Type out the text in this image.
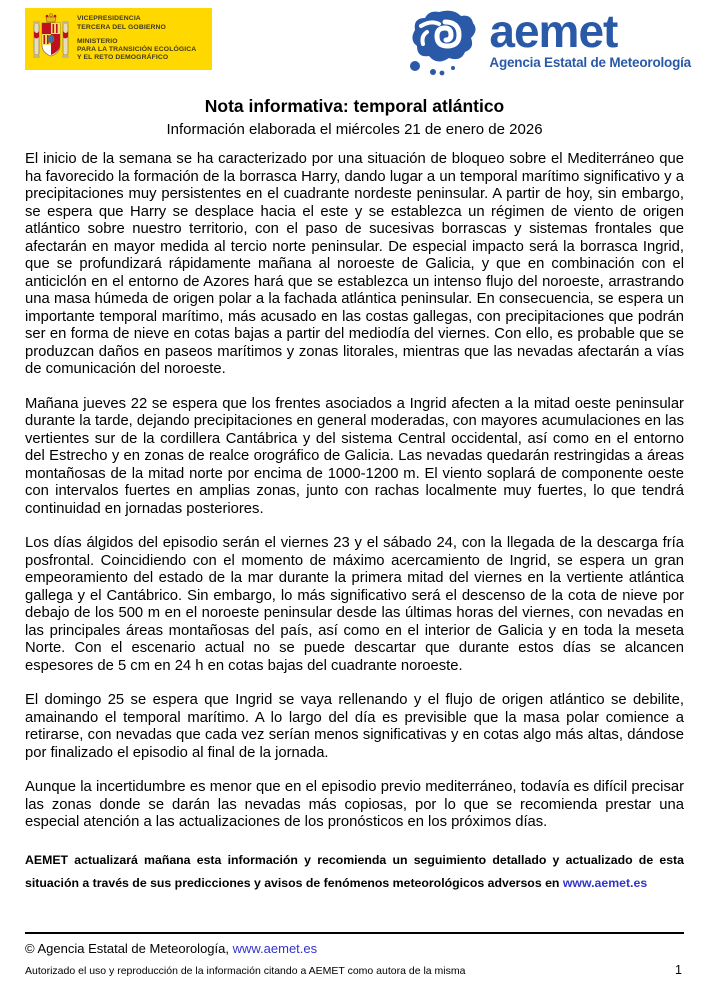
VICEPRESIDENCIA
TERCERA DEL GOBIERNO
MINISTERIO
PARA LA TRANSICIÓN ECOLÓGICA
Y EL RETO DEMOGRÁFICO
aemet
Agencia Estatal de Meteorología
Nota informativa: temporal atlántico
Información elaborada el miércoles 21 de enero de 2026

El inicio de la semana se ha caracterizado por una situación de bloqueo sobre el Mediterráneo que ha favorecido la formación de la borrasca Harry, dando lugar a un temporal marítimo significativo y a precipitaciones muy persistentes en el cuadrante nordeste peninsular. A partir de hoy, sin embargo, se espera que Harry se desplace hacia el este y se establezca un régimen de viento de origen atlántico sobre nuestro territorio, con el paso de sucesivas borrascas y sistemas frontales que afectarán en mayor medida al tercio norte peninsular. De especial impacto será la borrasca Ingrid, que se profundizará rápidamente mañana al noroeste de Galicia, y que en combinación con el anticiclón en el entorno de Azores hará que se establezca un intenso flujo del noroeste, arrastrando una masa húmeda de origen polar a la fachada atlántica peninsular. En consecuencia, se espera un importante temporal marítimo, más acusado en las costas gallegas, con precipitaciones que podrán ser en forma de nieve en cotas bajas a partir del mediodía del viernes. Con ello, es probable que se produzcan daños en paseos marítimos y zonas litorales, mientras que las nevadas afectarán a vías de comunicación del noroeste.

Mañana jueves 22 se espera que los frentes asociados a Ingrid afecten a la mitad oeste peninsular durante la tarde, dejando precipitaciones en general moderadas, con mayores acumulaciones en las vertientes sur de la cordillera Cantábrica y del sistema Central occidental, así como en el entorno del Estrecho y en zonas de realce orográfico de Galicia. Las nevadas quedarán restringidas a áreas montañosas de la mitad norte por encima de 1000-1200 m. El viento soplará de componente oeste con intervalos fuertes en amplias zonas, junto con rachas localmente muy fuertes, lo que tendrá continuidad en jornadas posteriores.

Los días álgidos del episodio serán el viernes 23 y el sábado 24, con la llegada de la descarga fría posfrontal. Coincidiendo con el momento de máximo acercamiento de Ingrid, se espera un gran empeoramiento del estado de la mar durante la primera mitad del viernes en la vertiente atlántica gallega y el Cantábrico. Sin embargo, lo más significativo será el descenso de la cota de nieve por debajo de los 500 m en el noroeste peninsular desde las últimas horas del viernes, con nevadas en las principales áreas montañosas del país, así como en el interior de Galicia y en toda la meseta Norte. Con el escenario actual no se puede descartar que durante estos días se alcancen espesores de 5 cm en 24 h en cotas bajas del cuadrante noroeste.

El domingo 25 se espera que Ingrid se vaya rellenando y el flujo de origen atlántico se debilite, amainando el temporal marítimo. A lo largo del día es previsible que la masa polar comience a retirarse, con nevadas que cada vez serían menos significativas y en cotas algo más altas, dándose por finalizado el episodio al final de la jornada.

Aunque la incertidumbre es menor que en el episodio previo mediterráneo, todavía es difícil precisar las zonas donde se darán las nevadas más copiosas, por lo que se recomienda prestar una especial atención a las actualizaciones de los pronósticos en los próximos días.

AEMET actualizará mañana esta información y recomienda un seguimiento detallado y actualizado de esta situación a través de sus predicciones y avisos de fenómenos meteorológicos adversos en www.aemet.es
© Agencia Estatal de Meteorología, www.aemet.es
Autorizado el uso y reproducción de la información citando a AEMET como autora de la misma	1
